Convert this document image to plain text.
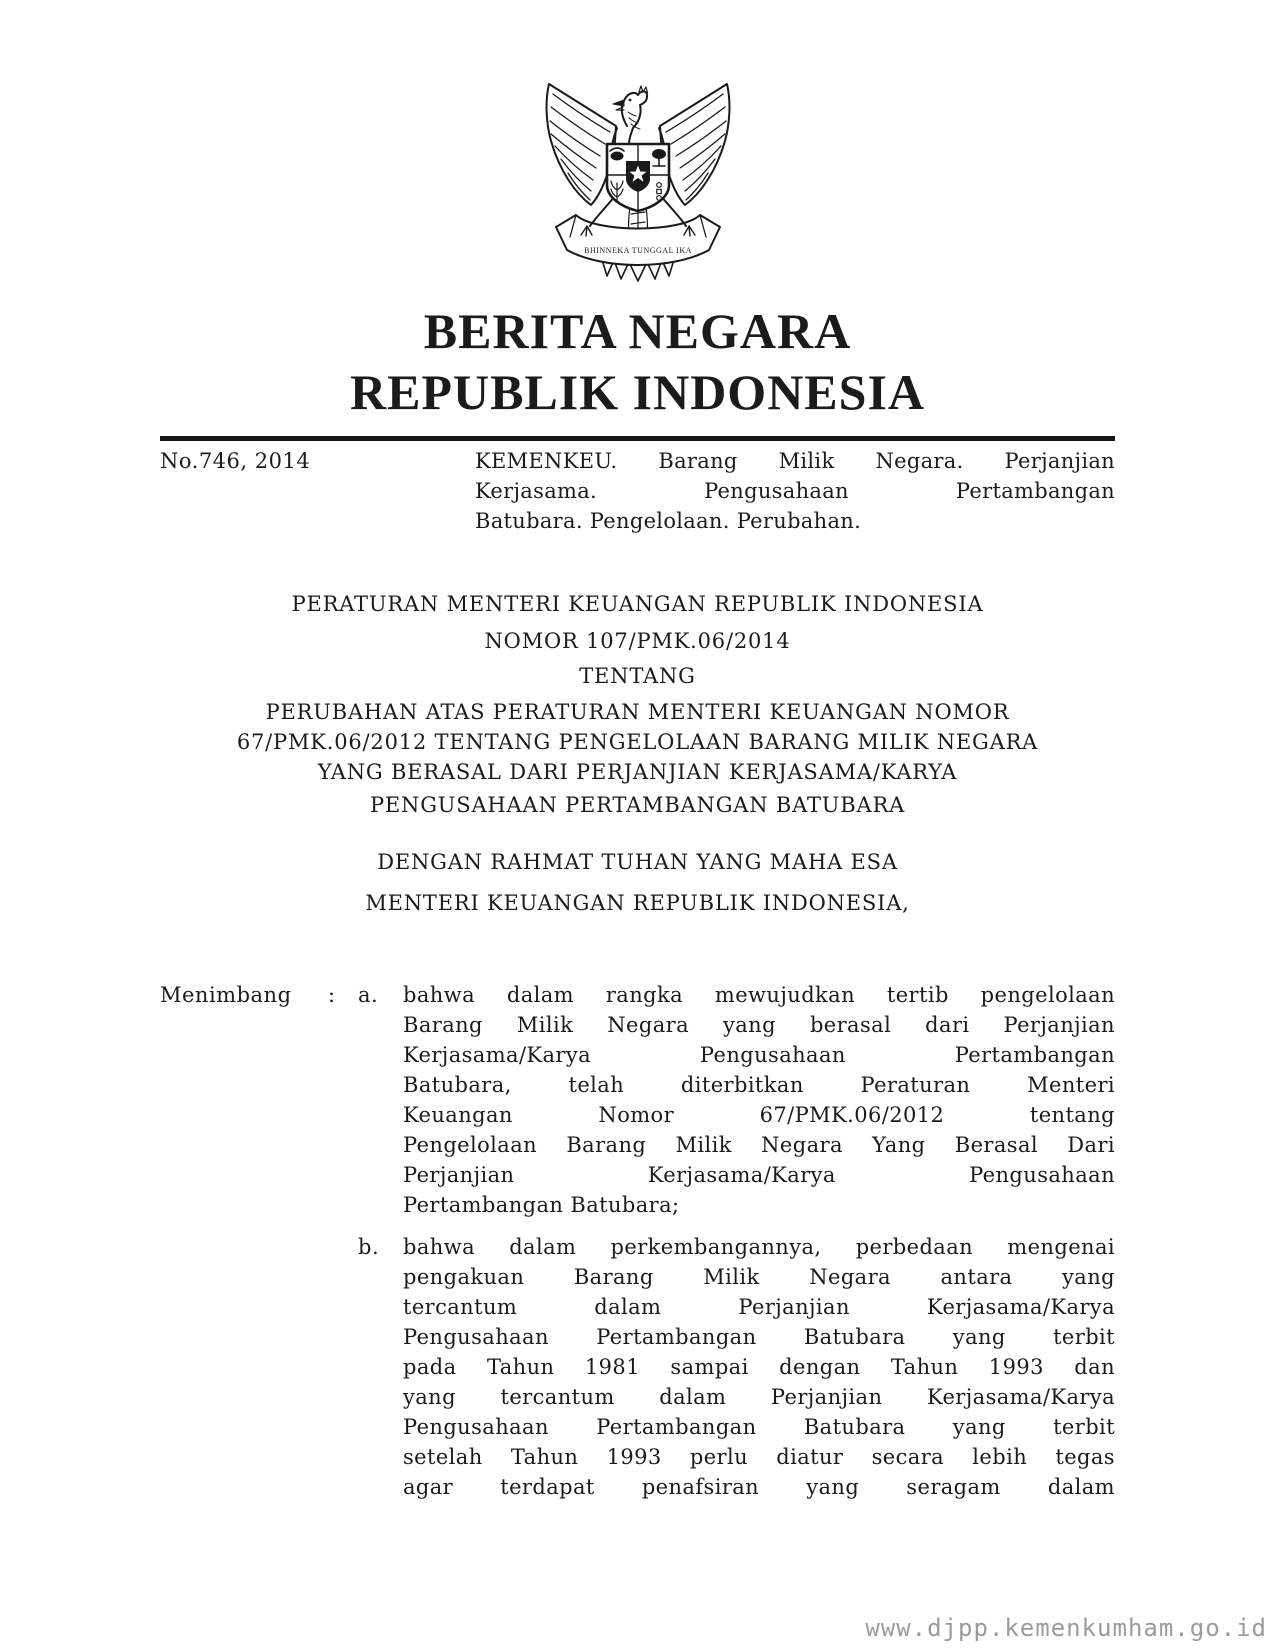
BHINNEKA TUNGGAL IKA
BERITA NEGARA
REPUBLIK INDONESIA
No.746, 2014	KEMENKEU. Barang Milik Negara. Perjanjian
Kerjasama. Pengusahaan Pertambangan
Batubara. Pengelolaan. Perubahan.
PERATURAN MENTERI KEUANGAN REPUBLIK INDONESIA
NOMOR 107/PMK.06/2014
TENTANG
PERUBAHAN ATAS PERATURAN MENTERI KEUANGAN NOMOR
67/PMK.06/2012 TENTANG PENGELOLAAN BARANG MILIK NEGARA
YANG BERASAL DARI PERJANJIAN KERJASAMA/KARYA
PENGUSAHAAN PERTAMBANGAN BATUBARA
DENGAN RAHMAT TUHAN YANG MAHA ESA
MENTERI KEUANGAN REPUBLIK INDONESIA,
Menimbang	:	a.	bahwa dalam rangka mewujudkan tertib pengelolaan
Barang Milik Negara yang berasal dari Perjanjian
Kerjasama/Karya Pengusahaan Pertambangan
Batubara, telah diterbitkan Peraturan Menteri
Keuangan Nomor 67/PMK.06/2012 tentang
Pengelolaan Barang Milik Negara Yang Berasal Dari
Perjanjian Kerjasama/Karya Pengusahaan
Pertambangan Batubara;
b.	bahwa dalam perkembangannya, perbedaan mengenai
pengakuan Barang Milik Negara antara yang
tercantum dalam Perjanjian Kerjasama/Karya
Pengusahaan Pertambangan Batubara yang terbit
pada Tahun 1981 sampai dengan Tahun 1993 dan
yang tercantum dalam Perjanjian Kerjasama/Karya
Pengusahaan Pertambangan Batubara yang terbit
setelah Tahun 1993 perlu diatur secara lebih tegas
agar terdapat penafsiran yang seragam dalam
www.djpp.kemenkumham.go.id
